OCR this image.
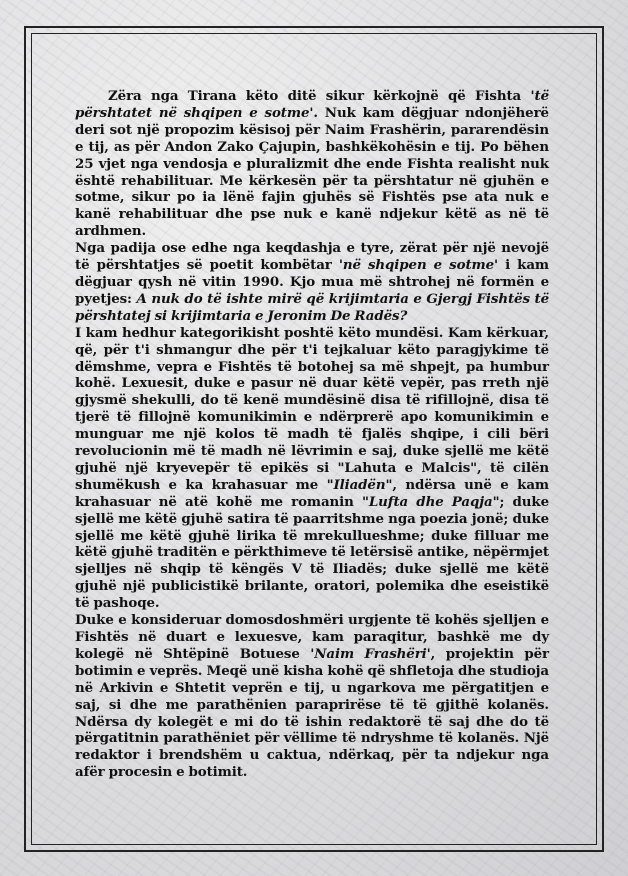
Zëra nga Tirana këto ditë sikur kërkojnë që Fishta 'të përshtatet në shqipen e sotme'. Nuk kam dëgjuar ndonjëherë deri sot një propozim kësisoj për Naim Frashërin, pararendësin e tij, as për Andon Zako Çajupin, bashkëkohësin e tij. Po bëhen 25 vjet nga vendosja e pluralizmit dhe ende Fishta realisht nuk është rehabilituar. Me kërkesën për ta përshtatur në gjuhën e sotme, sikur po ia lënë fajin gjuhës së Fishtës pse ata nuk e kanë rehabilituar dhe pse nuk e kanë ndjekur këtë as në të ardhmen.

Nga padija ose edhe nga keqdashja e tyre, zërat për një nevojë të përshtatjes së poetit kombëtar 'në shqipen e sotme' i kam dëgjuar qysh në vitin 1990. Kjo mua më shtrohej në formën e pyetjes: A nuk do të ishte mirë që krijimtaria e Gjergj Fishtës të përshtatej si krijimtaria e Jeronim De Radës?

I kam hedhur kategorikisht poshtë këto mundësi. Kam kërkuar, që, për t'i shmangur dhe për t'i tejkaluar këto paragjykime të dëmshme, vepra e Fishtës të botohej sa më shpejt, pa humbur kohë. Lexuesit, duke e pasur në duar këtë vepër, pas rreth një gjysmë shekulli, do të kenë mundësinë disa të rifillojnë, disa të tjerë të fillojnë komunikimin e ndërprerë apo komunikimin e munguar me një kolos të madh të fjalës shqipe, i cili bëri revolucionin më të madh në lëvrimin e saj, duke sjellë me këtë gjuhë një kryevepër të epikës si "Lahuta e Malcis", të cilën shumëkush e ka krahasuar me "Iliadën", ndërsa unë e kam krahasuar në atë kohë me romanin "Lufta dhe Paqja"; duke sjellë me këtë gjuhë satira të paarritshme nga poezia jonë; duke sjellë me këtë gjuhë lirika të mrekullueshme; duke filluar me këtë gjuhë traditën e përkthimeve të letërsisë antike, nëpërmjet sjelljes në shqip të këngës V të Iliadës; duke sjellë me këtë gjuhë një publicistikë brilante, oratori, polemika dhe eseistikë të pashoqe.

Duke e konsideruar domosdoshmëri urgjente të kohës sjelljen e Fishtës në duart e lexuesve, kam paraqitur, bashkë me dy kolegë në Shtëpinë Botuese 'Naim Frashëri', projektin për botimin e veprës. Meqë unë kisha kohë që shfletoja dhe studioja në Arkivin e Shtetit veprën e tij, u ngarkova me përgatitjen e saj, si dhe me parathënien paraprirëse të të gjithë kolanës. Ndërsa dy kolegët e mi do të ishin redaktorë të saj dhe do të përgatitnin parathëniet për vëllime të ndryshme të kolanës. Një redaktor i brendshëm u caktua, ndërkaq, për ta ndjekur nga afër procesin e botimit.
